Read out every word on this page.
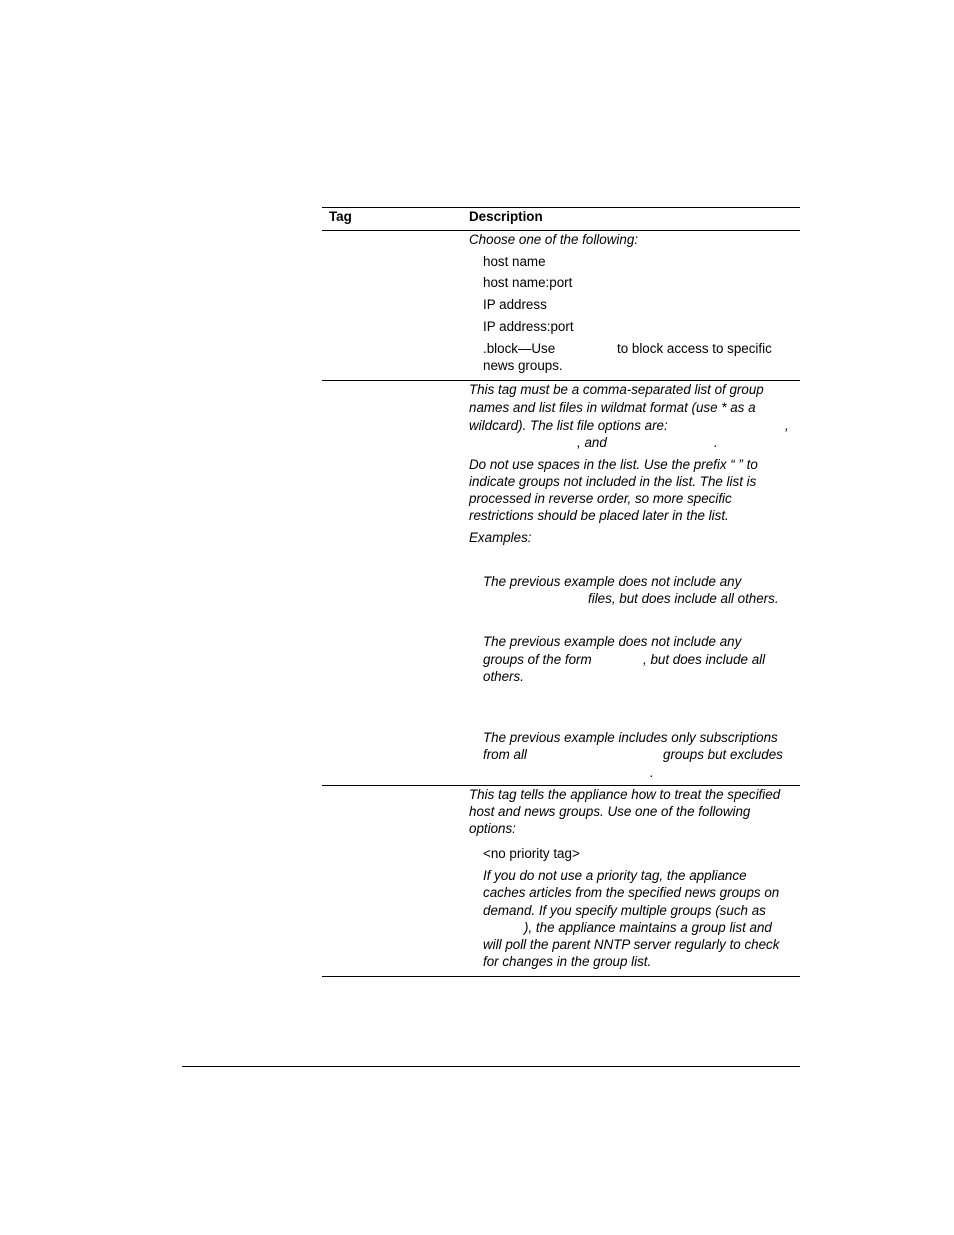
Tag	Description
Choose one of the following:
host name
host name:port
IP address
IP address:port
.block—Use	to block access to specific
news groups.
This tag must be a comma-separated list of group
names and list files in wildmat format (use * as a
wildcard). The list file options are:	,
, and	.
Do not use spaces in the list. Use the prefix “ ” to
indicate groups not included in the list. The list is
processed in reverse order, so more specific
restrictions should be placed later in the list.
Examples:
The previous example does not include any
files, but does include all others.
The previous example does not include any
groups of the form	, but does include all
others.
The previous example includes only subscriptions
from all	groups but excludes
.
This tag tells the appliance how to treat the specified
host and news groups. Use one of the following
options:
<no priority tag>
If you do not use a priority tag, the appliance
caches articles from the specified news groups on
demand. If you specify multiple groups (such as
), the appliance maintains a group list and
will poll the parent NNTP server regularly to check
for changes in the group list.
